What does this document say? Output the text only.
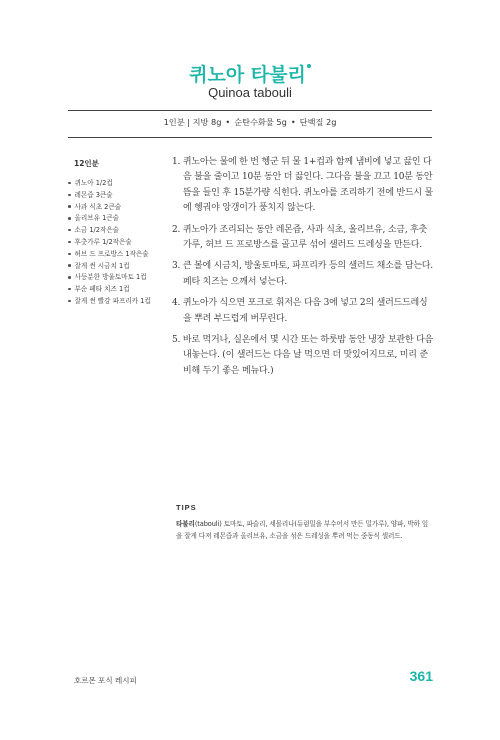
퀴노아 타불리
Quinoa tabouli
1인분 | 지방 8g • 순탄수화물 5g • 단백질 2g
12인분
퀴노아 1/2컵
레몬즙 3큰술
사과 식초 2큰술
올리브유 1큰술
소금 1/2작은술
후춧가루 1/2작은술
허브 드 프로방스 1작은술
잘게 썬 시금치 1컵
사등분한 방울토마토 1컵
부순 페타 치즈 1컵
잘게 썬 빨강 파프리카 1컵
1. 퀴노아는 물에 한 번 헹군 뒤 물 1+컵과 함께 냄비에 넣고 끓인 다음 불을 줄이고 10분 동안 더 끓인다. 그다음 불을 끄고 10분 동안 뜸을 들인 후 15분가량 식힌다. 퀴노아를 조리하기 전에 반드시 물에 헹궈야 앙갱이가 풍치지 않는다.
2. 퀴노아가 조리되는 동안 레몬즙, 사과 식초, 올리브유, 소금, 후춧가루, 허브 드 프로방스를 골고루 섞어 샐러드 드레싱을 만든다.
3. 큰 볼에 시금치, 방울토마토, 파프리카 등의 샐러드 채소를 담는다. 페타 치즈는 으깨서 넣는다.
4. 퀴노아가 식으면 포크로 휘저은 다음 3에 넣고 2의 샐러드드레싱을 뿌려 부드럽게 버무린다.
5. 바로 먹거나, 실온에서 몇 시간 또는 하룻밤 동안 냉장 보관한 다음 내놓는다. (이 샐러드는 다음 날 먹으면 더 맛있어지므로, 미리 준비해 두기 좋은 메뉴다.)
TIPS
타불리(tabouli) 토마토, 파슬리, 세몰리나(듀럼밀을 부수어서 만든 밀가루), 양파, 박하 잎을 잘게 다져 레몬즙과 올리브유, 소금을 섞은 드레싱을 뿌려 먹는 중동식 샐러드.
호르몬 포식 레시피	361
